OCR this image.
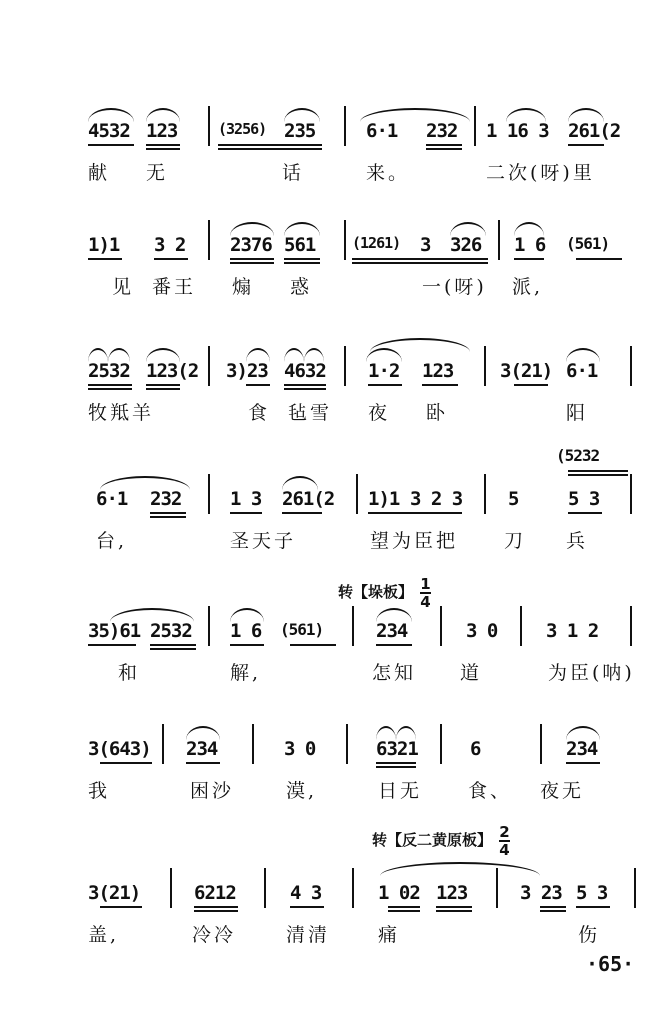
4532 123	(3256) 235	6·1 232 1 16 3 261(2
献 无	话	来。	二次(呀)里
1)1 3 2 2376 561 (1261) 3 326 1 6 (561)
见 番王 煽 惑	一(呀) 派,
2532 123(2 3)23 4632 1·2 123 3(21) 6·1
牧羝羊	食 毡雪 夜 卧	阳
(5232
6·1 232	1 3 261(2 1)1 3 2 3 5	5 3
台,	圣天子	望为臣把 刀 兵
转【垛板】 $\frac{1}{4}$
35)61 2532 1 6 (561)	234	3 0	3 1 2
和	解,	怎知 道	为臣(呐)
3(643) 234	3 0	6321	6	234
我	困沙	漠,	日无 食、 夜无
转【反二黄原板】 $\frac{2}{4}$
3(21)	6212	4 3	1 02 123	3 23 5 3
盖,	冷冷	清清	痛	伤
·65·
